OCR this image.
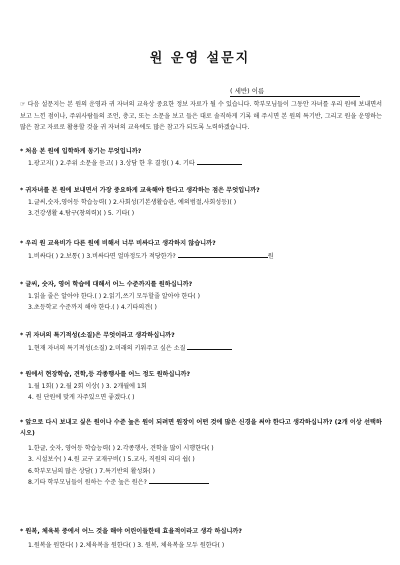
원 운영 설문지
( 세반) 이름
☞ 다음 설문지는 본 원의 운영과 귀 자녀의 교육상 중요한 정보 자료가 될 수 있습니다. 학부모님들이 그동안 자녀를 우리 원에 보내면서 보고 느낀 점이나, 주위사람들의 조언, 충고, 또는 소문을 보고 들은 대로 솔직하게 기록 해 주시면 본 원의 특기반, 그리고 원을 운영하는 많은 참고 자료로 활용할 것을 귀 자녀의 교육에도 많은 참고가 되도록 노력하겠습니다.
* 처음 본 원에 입학하게 동기는 무엇입니까?
1.광고지( ) 2.주위 소문을 듣고( ) 3.상담 한 후 결정( ) 4. 기타
* 귀자녀를 본 원에 보내면서 가장 중요하게 교육해야 한다고 생각하는 점은 무엇입니까?
1.글씨,숫자,영어등 학습능력( ) 2.사회성(기본생활습관, 예의범절,사회성등)( )
3.건강생활 4.탐구(창의력)( ) 5. 기타( )
* 우리 원 교육비가 다른 원에 비해서 너무 비싸다고 생각하지 않습니까?
1.비싸다( ) 2.보통( ) 3.비싸다면 얼마정도가 적당한가?	원
* 글씨, 숫자, 영어 학습에 대해서 어느 수준까지를 원하십니까?
1.읽을 줄은 알아야 한다.( ) 2.읽기,쓰기 모두할줄 알아야 한다( )
3.초등학교 수준까지 해야 한다.( ) 4.기타의견( )
* 귀 자녀의 특기적성(소질)은 무엇이라고 생각하십니까?
1.현재 자녀의 특기적성(소질) 2.미래의 키워주고 싶은 소질
* 원에서 현장학습, 견학,등 각종행사를 어느 정도 원하십니까?
1.월 1회( ) 2.월 2회 이상( ) 3. 2개월에 1회
4. 원 단원에 맞게 자주있으면 좋겠다.( )
* 앞으로 다시 보내고 싶은 원이나 수준 높은 원이 되려면 원장이 어떤 것에 많은 신경을 써야 한다고 생각하십니까? (2개 이상 선택하시오)
1.한글, 숫자, 영어등 학습능력( ) 2.각종행사, 견학을 많이 시행한다( )
3. 시설보수( ) 4.원 교구 교재구비( ) 5.교사, 직원의 리더 쉽( )
6.학부모님의 많은 상담( ) 7.특기반의 활성화( )
8.기타 학부모님들이 원하는 수준 높은 원은?
* 원복, 체육복 중에서 어느 것을 해야 어린이들한테 효율적이라고 생각 하십니까?
1.원복을 원한다( ) 2.체육복을 원한다( ) 3. 원복, 체육복을 모두 원한다( )
